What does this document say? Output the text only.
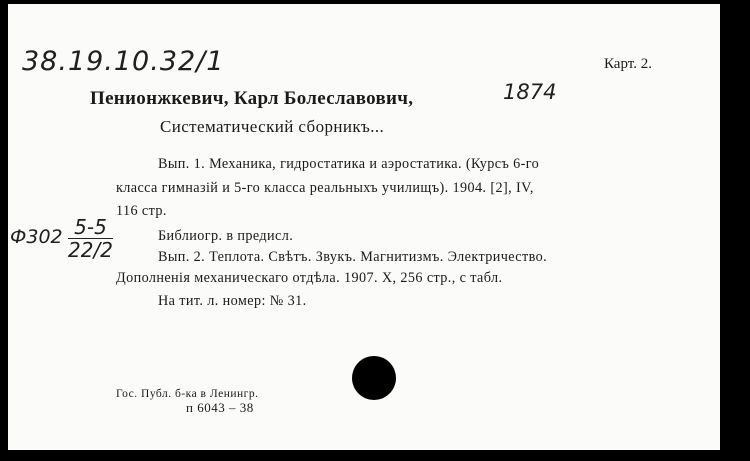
38.19.10.32/1	Карт. 2.
Пенионжкевич, Карл Болеславович,	1874
Систематический сборникъ...
Вып. 1. Механика, гидростатика и аэростатика. (Курсъ 6-го
класса гимназій и 5-го класса реальныхъ училищъ). 1904. [2], IV,
116 стр.
Библиогр. в предисл.
Вып. 2. Теплота. Свѣтъ. Звукъ. Магнитизмъ. Электричество.
Дополненія механическаго отдѣла. 1907. X, 256 стр., с табл.
На тит. л. номер: № 31.
$Ф302 \frac{5-5}{22/2}$
Гос. Публ. б-ка в Ленингр.
п 6043 – 38
